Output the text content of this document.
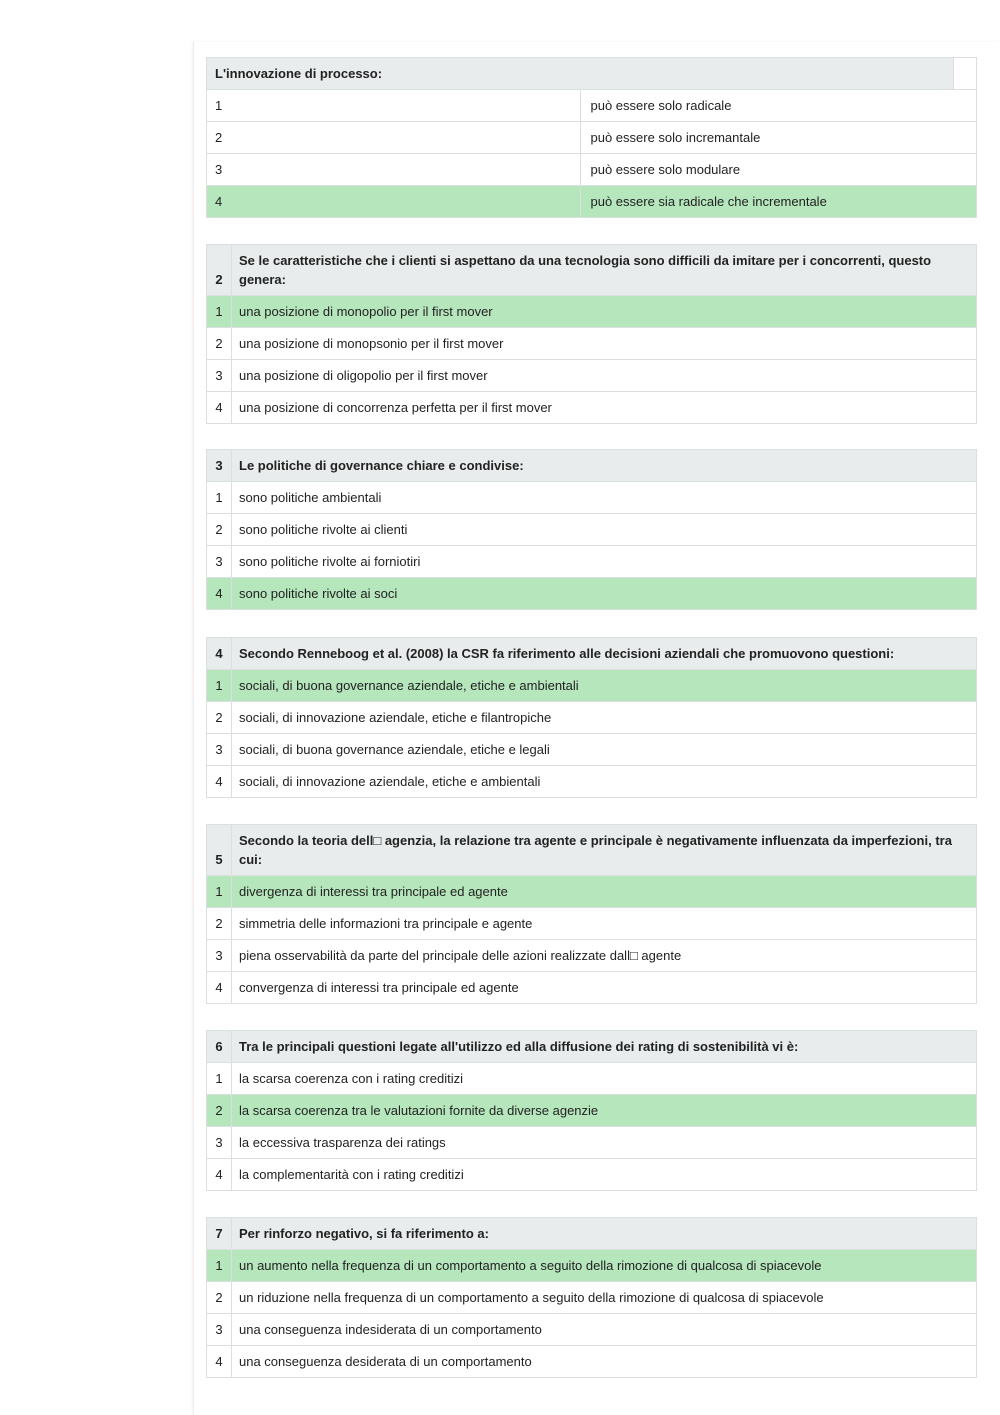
L'innovazione di processo:		
1	può essere solo radicale	
2	può essere solo incremantale	
3	può essere solo modulare	
4	può essere sia radicale che incrementale	
2	Se le caratteristiche che i clienti si aspettano da una tecnologia sono difficili da imitare per i concorrenti, questo genera:
1	una posizione di monopolio per il first mover
2	una posizione di monopsonio per il first mover
3	una posizione di oligopolio per il first mover
4	una posizione di concorrenza perfetta per il first mover
3	Le politiche di governance chiare e condivise:
1	sono politiche ambientali
2	sono politiche rivolte ai clienti
3	sono politiche rivolte ai forniotiri
4	sono politiche rivolte ai soci
4	Secondo Renneboog et al. (2008) la CSR fa riferimento alle decisioni aziendali che promuovono questioni:
1	sociali, di buona governance aziendale, etiche e ambientali
2	sociali, di innovazione aziendale, etiche e filantropiche
3	sociali, di buona governance aziendale, etiche e legali
4	sociali, di innovazione aziendale, etiche e ambientali
5	Secondo la teoria dell□ agenzia, la relazione tra agente e principale è negativamente influenzata da imperfezioni, tra cui:
1	divergenza di interessi tra principale ed agente
2	simmetria delle informazioni tra principale e agente
3	piena osservabilità da parte del principale delle azioni realizzate dall□ agente
4	convergenza di interessi tra principale ed agente
6	Tra le principali questioni legate all'utilizzo ed alla diffusione dei rating di sostenibilità vi è:
1	la scarsa coerenza con i rating creditizi
2	la scarsa coerenza tra le valutazioni fornite da diverse agenzie
3	la eccessiva trasparenza dei ratings
4	la complementarità con i rating creditizi
7	Per rinforzo negativo, si fa riferimento a:
1	un aumento nella frequenza di un comportamento a seguito della rimozione di qualcosa di spiacevole
2	un riduzione nella frequenza di un comportamento a seguito della rimozione di qualcosa di spiacevole
3	una conseguenza indesiderata di un comportamento
4	una conseguenza desiderata di un comportamento
